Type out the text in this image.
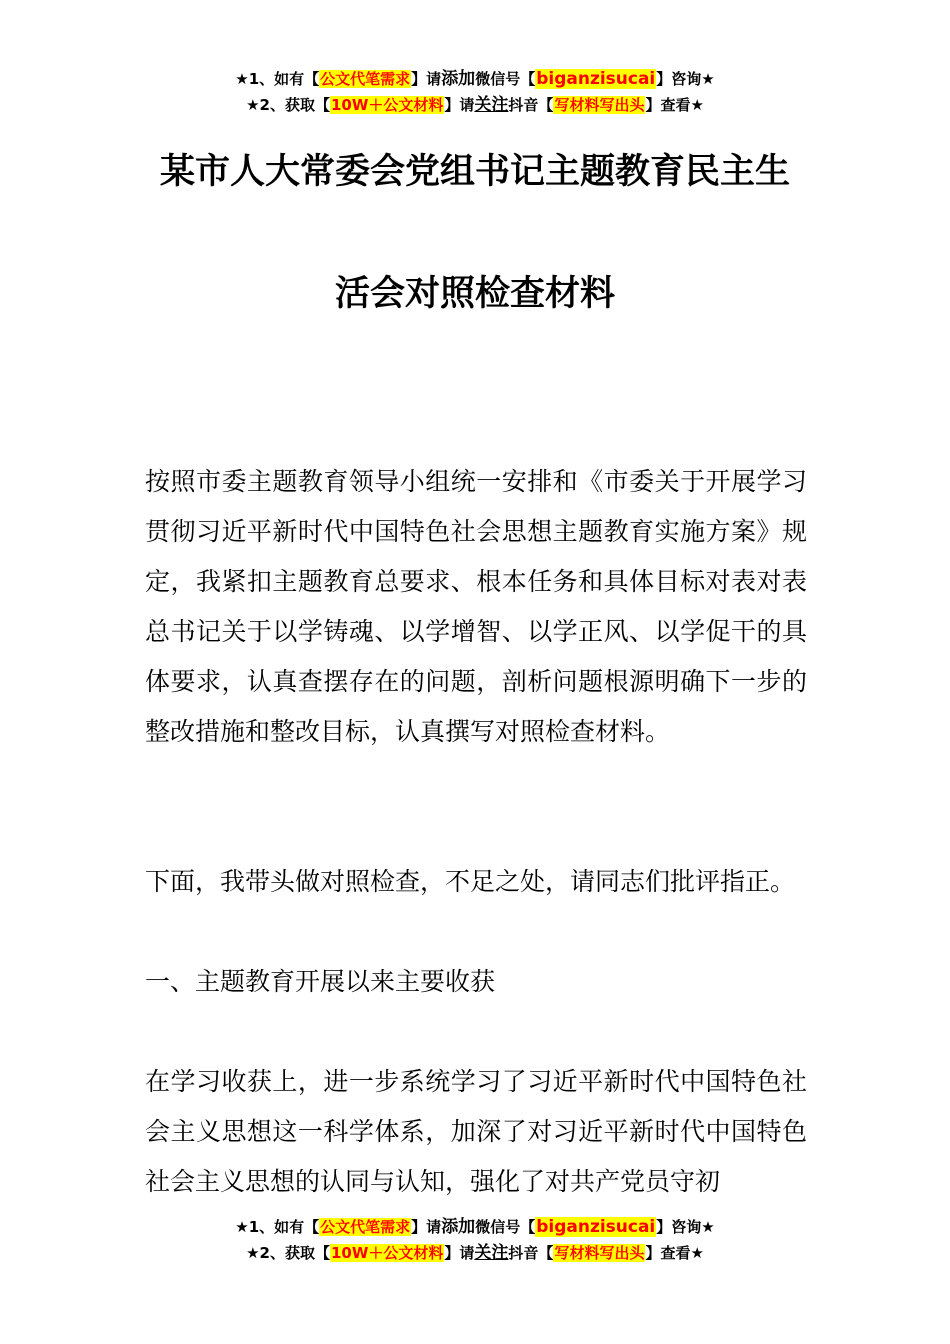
★1、如有【公文代笔需求】请添加微信号【biganzisucai】咨询★
★2、获取【10W＋公文材料】请关注抖音【写材料写出头】查看★
某市人大常委会党组书记主题教育民主生
活会对照检查材料

按照市委主题教育领导小组统一安排和《市委关于开展学习贯彻习近平新时代中国特色社会思想主题教育实施方案》规定，我紧扣主题教育总要求、根本任务和具体目标对表对表总书记关于以学铸魂、以学增智、以学正风、以学促干的具体要求，认真查摆存在的问题，剖析问题根源明确下一步的整改措施和整改目标，认真撰写对照检查材料。

下面，我带头做对照检查，不足之处，请同志们批评指正。

一、主题教育开展以来主要收获

在学习收获上，进一步系统学习了习近平新时代中国特色社会主义思想这一科学体系，加深了对习近平新时代中国特色社会主义思想的认同与认知，强化了对共产党员守初

★1、如有【公文代笔需求】请添加微信号【biganzisucai】咨询★
★2、获取【10W＋公文材料】请关注抖音【写材料写出头】查看★
